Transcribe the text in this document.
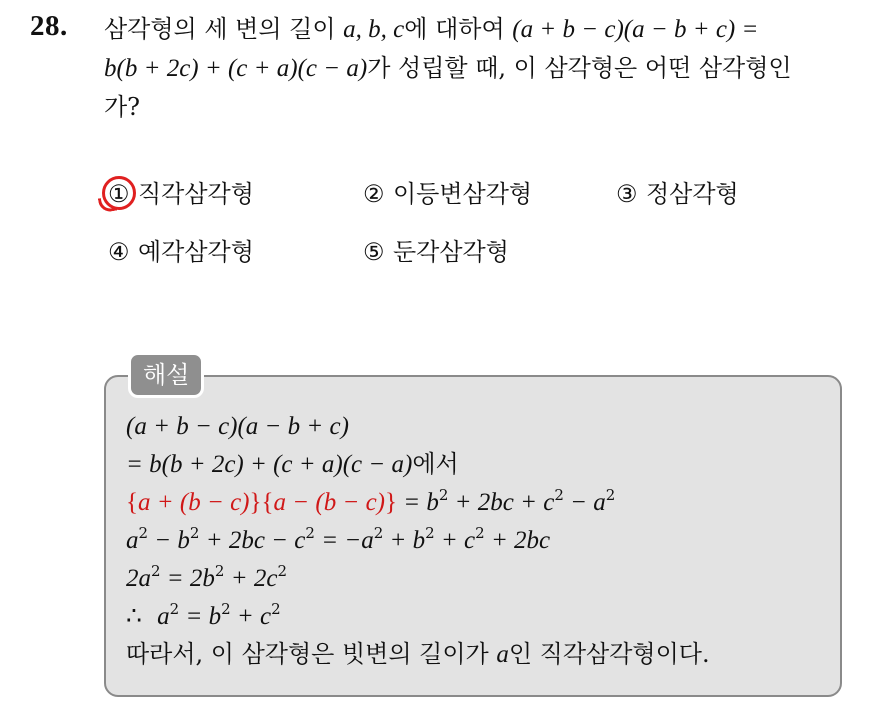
28. 삼각형의 세 변의 길이 a, b, c에 대하여 (a + b − c)(a − b + c) =
b(b + 2c) + (c + a)(c − a)가 성립할 때, 이 삼각형은 어떤 삼각형인
가?
① 직각삼각형	② 이등변삼각형	③ 정삼각형
④ 예각삼각형	⑤ 둔각삼각형
해설
(a + b − c)(a − b + c)
= b(b + 2c) + (c + a)(c − a)에서
$\{a + (b - c)\}\{a - (b - c)\} = b^2 + 2bc + c^2 - a^2$
$a^2 - b^2 + 2bc - c^2 = -a^2 + b^2 + c^2 + 2bc$
$2a^2 = 2b^2 + 2c^2$
∴ $a^2 = b^2 + c^2$
따라서, 이 삼각형은 빗변의 길이가 a인 직각삼각형이다.
